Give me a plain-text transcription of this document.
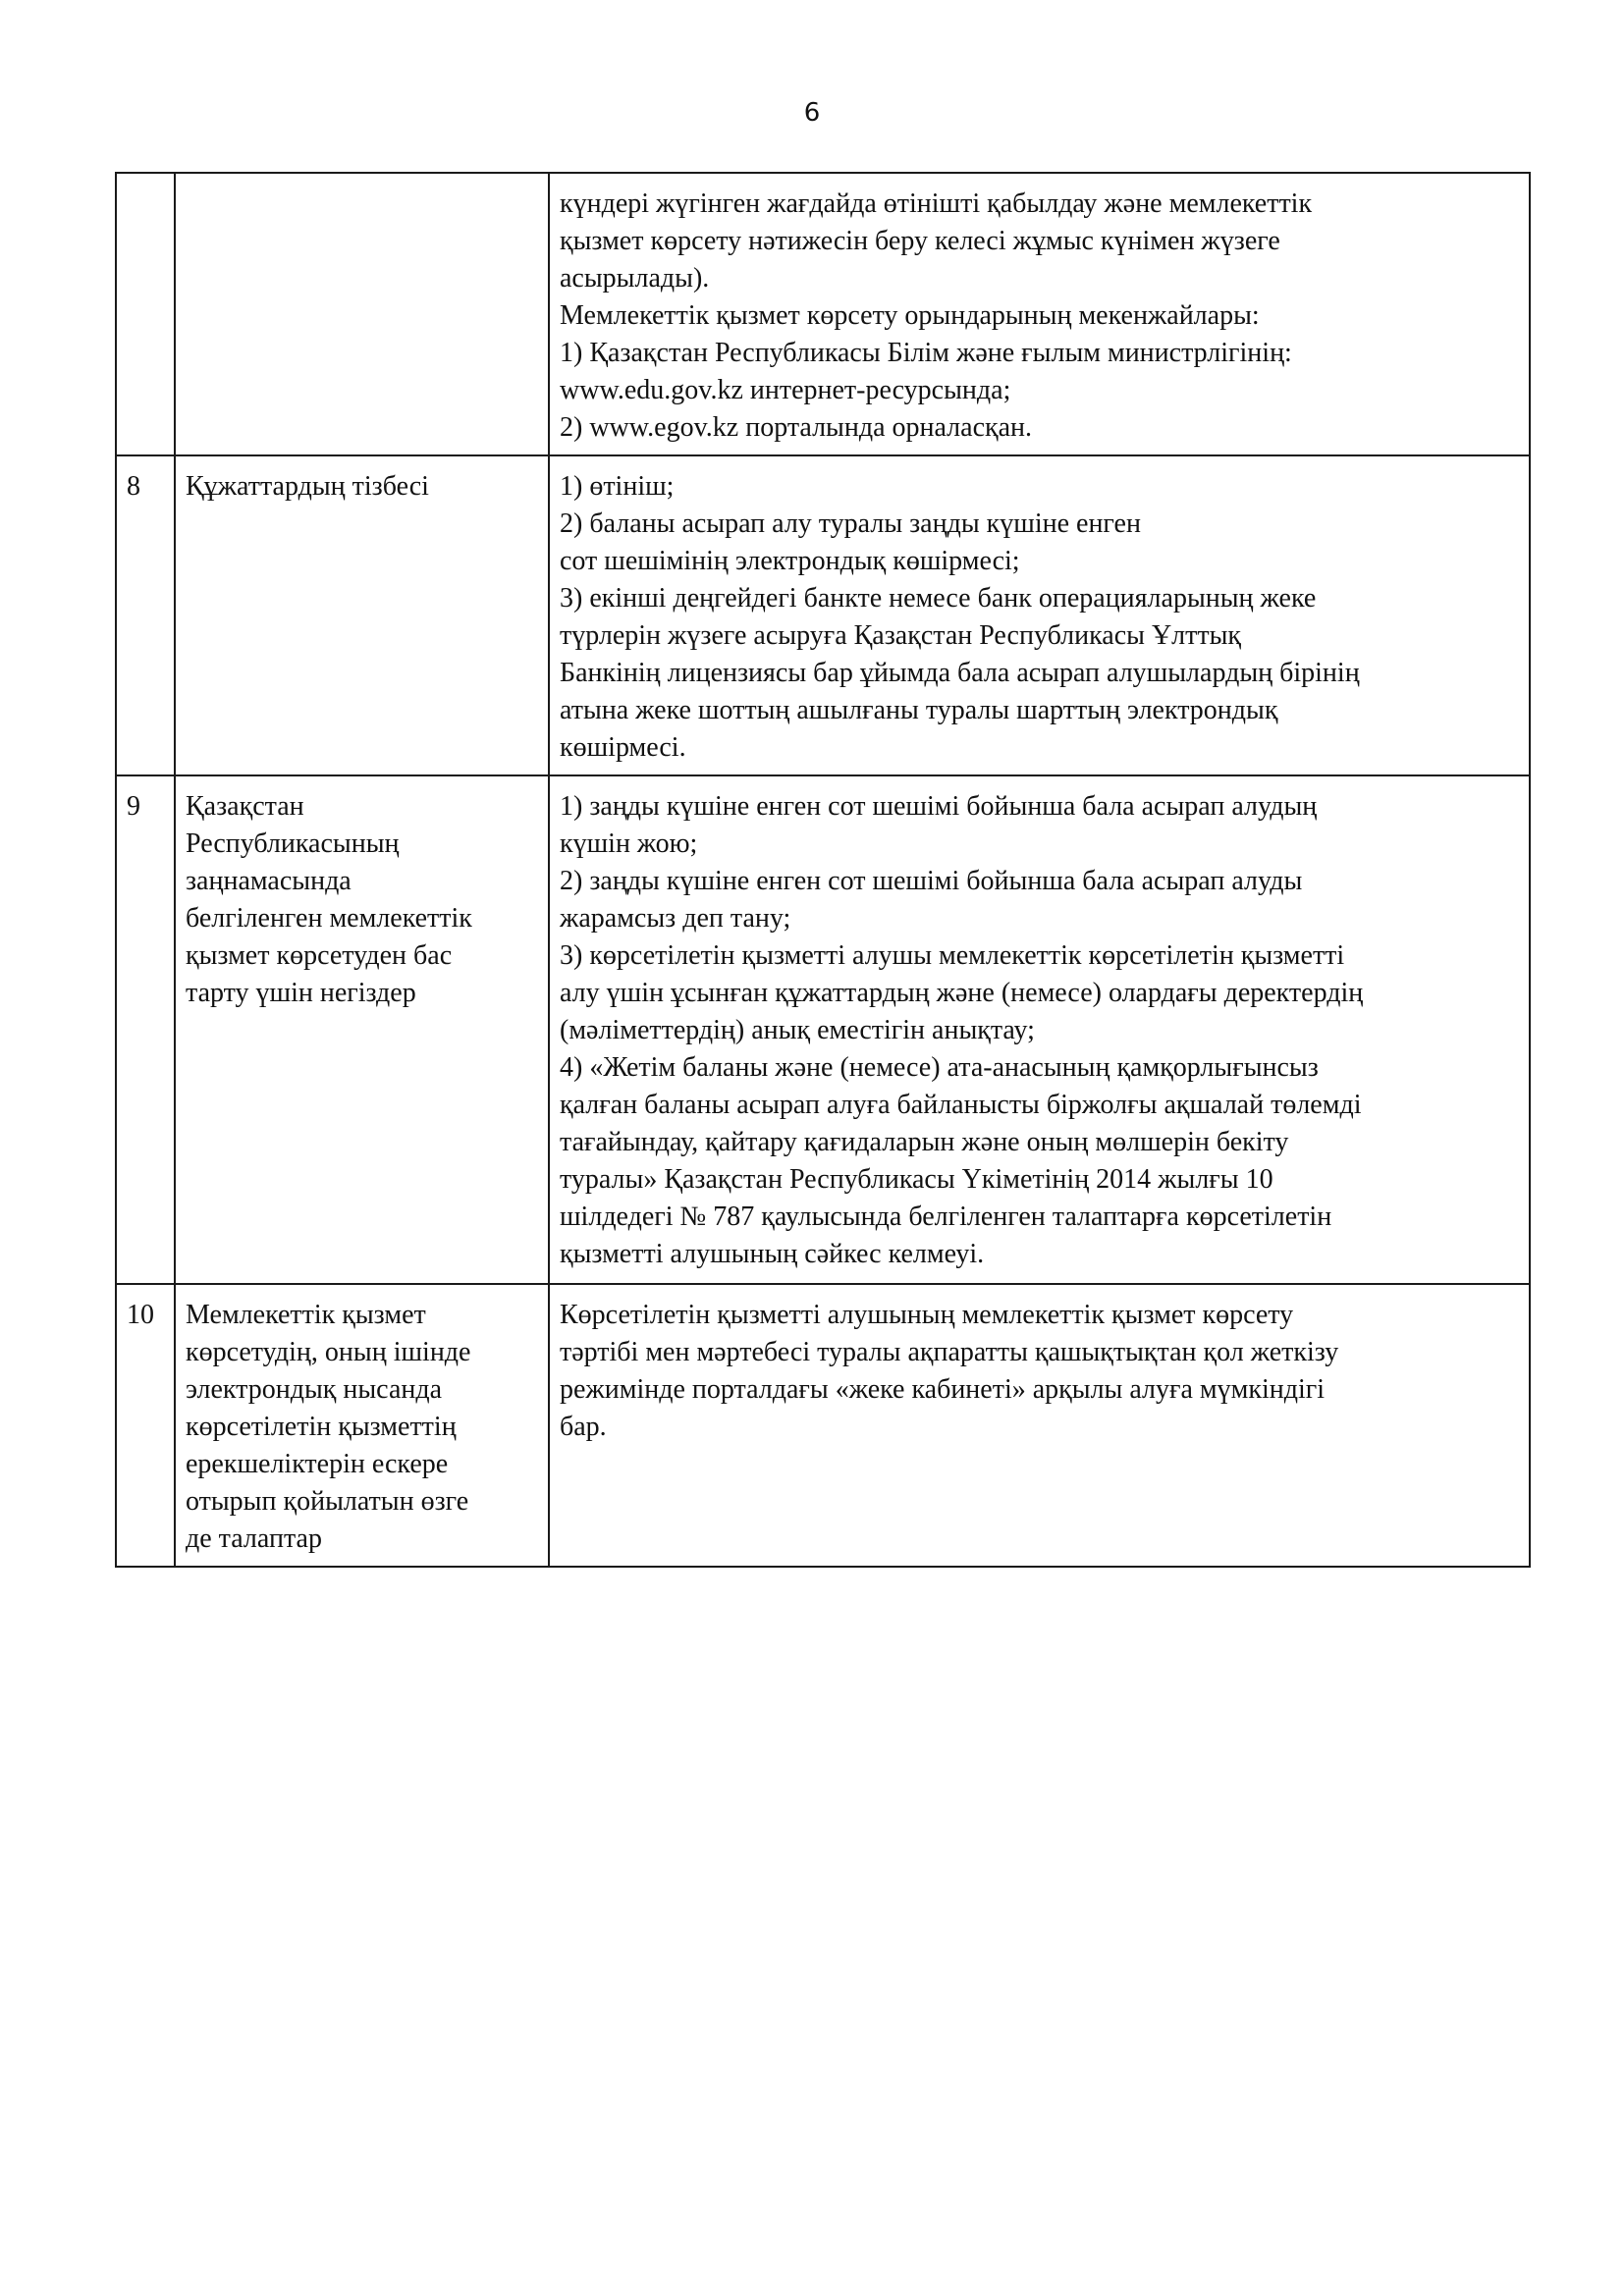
6

күндері жүгінген жағдайда өтінішті қабылдау және мемлекеттік
қызмет көрсету нәтижесін беру келесі жұмыс күнімен жүзеге
асырылады).
Мемлекеттік қызмет көрсету орындарының мекенжайлары:
1) Қазақстан Республикасы Білім және ғылым министрлігінің:
www.edu.gov.kz интернет-ресурсында;
2) www.egov.kz порталында орналасқан.

8	Құжаттардың тізбесі	1) өтініш;
2) баланы асырап алу туралы заңды күшіне енген
сот шешімінің электрондық көшірмесі;
3) екінші деңгейдегі банкте немесе банк операцияларының жеке
түрлерін жүзеге асыруға Қазақстан Республикасы Ұлттық
Банкінің лицензиясы бар ұйымда бала асырап алушылардың бірінің
атына жеке шоттың ашылғаны туралы шарттың электрондық
көшірмесі.

9	Қазақстан
Республикасының
заңнамасында
белгіленген мемлекеттік
қызмет көрсетуден бас
тарту үшін негіздер

1) заңды күшіне енген сот шешімі бойынша бала асырап алудың
күшін жою;
2) заңды күшіне енген сот шешімі бойынша бала асырап алуды
жарамсыз деп тану;
3) көрсетілетін қызметті алушы мемлекеттік көрсетілетін қызметті
алу үшін ұсынған құжаттардың және (немесе) олардағы деректердің
(мәліметтердің) анық еместігін анықтау;
4) «Жетім баланы және (немесе) ата-анасының қамқорлығынсыз
қалған баланы асырап алуға байланысты біржолғы ақшалай төлемді
тағайындау, қайтару қағидаларын және оның мөлшерін бекіту
туралы» Қазақстан Республикасы Үкіметінің 2014 жылғы 10
шілдедегі № 787 қаулысында белгіленген талаптарға көрсетілетін
қызметті алушының сәйкес келмеуі.

10	Мемлекеттік қызмет
көрсетудің, оның ішінде
электрондық нысанда
көрсетілетін қызметтің
ерекшеліктерін ескере
отырып қойылатын өзге
де талаптар

Көрсетілетін қызметті алушының мемлекеттік қызмет көрсету
тәртібі мен мәртебесі туралы ақпаратты қашықтықтан қол жеткізу
режимінде порталдағы «жеке кабинеті» арқылы алуға мүмкіндігі
бар.
